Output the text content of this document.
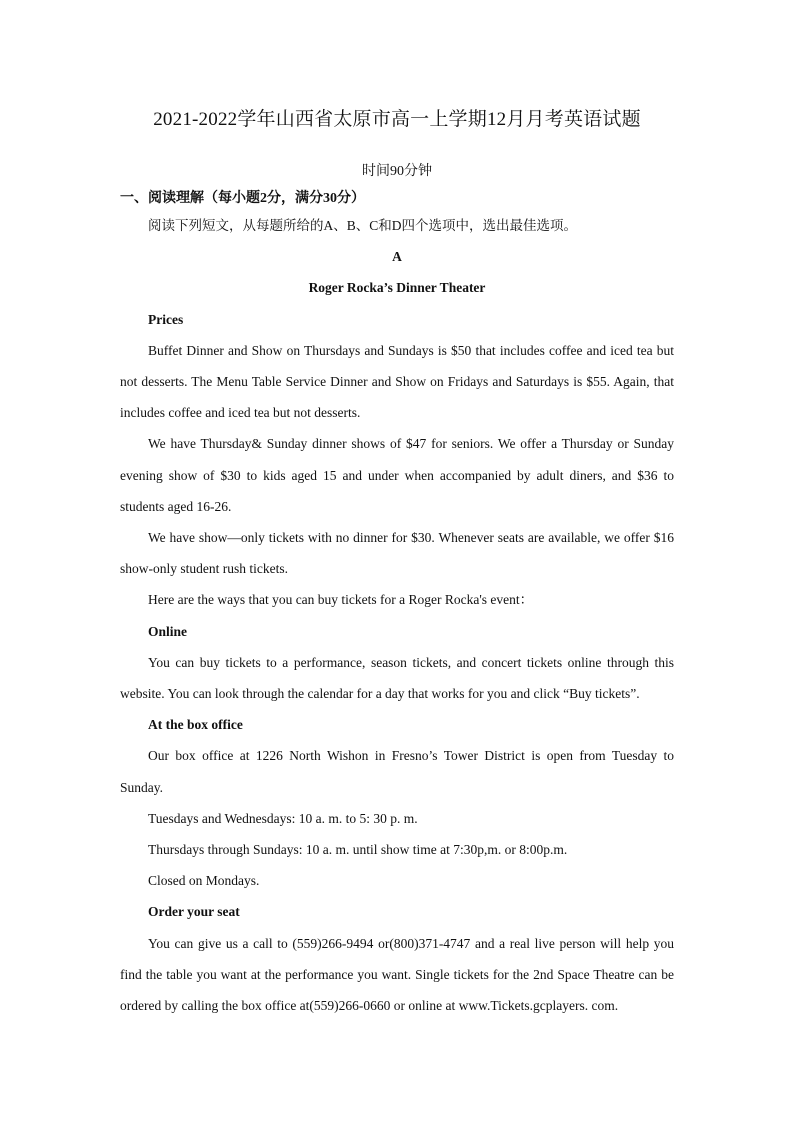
2021-2022学年山西省太原市高一上学期12月月考英语试题
时间90分钟
一、阅读理解（每小题2分，满分30分）

阅读下列短文，从每题所给的A、B、C和D四个选项中，选出最佳选项。

A

Roger Rocka’s Dinner Theater

Prices

Buffet Dinner and Show on Thursdays and Sundays is $50 that includes coffee and iced tea but not desserts. The Menu Table Service Dinner and Show on Fridays and Saturdays is $55. Again, that includes coffee and iced tea but not desserts.

We have Thursday& Sunday dinner shows of $47 for seniors. We offer a Thursday or Sunday evening show of $30 to kids aged 15 and under when accompanied by adult diners, and $36 to students aged 16-26.

We have show—only tickets with no dinner for $30. Whenever seats are available, we offer $16 show-only student rush tickets.

Here are the ways that you can buy tickets for a Roger Rocka's event：

Online

You can buy tickets to a performance, season tickets, and concert tickets online through this website. You can look through the calendar for a day that works for you and click “Buy tickets”.

At the box office

Our box office at 1226 North Wishon in Fresno’s Tower District is open from Tuesday to Sunday.

Tuesdays and Wednesdays: 10 a. m. to 5: 30 p. m.

Thursdays through Sundays: 10 a. m. until show time at 7:30p,m. or 8:00p.m.

Closed on Mondays.

Order your seat

You can give us a call to (559)266-9494 or(800)371-4747 and a real live person will help you find the table you want at the performance you want. Single tickets for the 2nd Space Theatre can be ordered by calling the box office at(559)266-0660 or online at www.Tickets.gcplayers. com.
